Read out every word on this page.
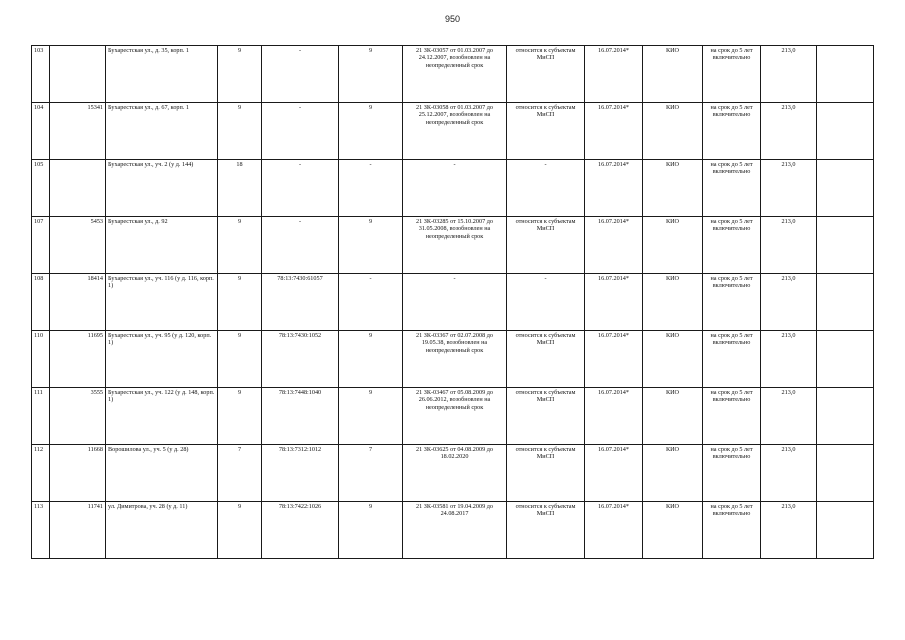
950
103		Бухарестская ул., д. 35, корп. 1	9	-	9	21 ЗК-03057 от 01.03.2007 до 24.12.2007, возобновлен на неопределенный срок	относится к субъектам МиСП	16.07.2014*	КИО	на срок до 5 лет включительно	213,0	
104	15341	Бухарестская ул., д. 67, корп. 1	9	-	9	21 ЗК-03058 от 01.03.2007 до 25.12.2007, возобновлен на неопределенный срок	относится к субъектам МиСП	16.07.2014*	КИО	на срок до 5 лет включительно	213,0	
105		Бухарестская ул., уч. 2 (у д. 144)	18	-	-	-	-	16.07.2014*	КИО	на срок до 5 лет включительно	213,0	
107	5453	Бухарестская ул., д. 92	9	-	9	21 ЗК-03285 от 15.10.2007 до 31.05.2008, возобновлен на неопределенный срок	относится к субъектам МиСП	16.07.2014*	КИО	на срок до 5 лет включительно	213,0	
108	18414	Бухарестская ул., уч. 116 (у д. 116, корп. 1)	9	78:13:7430:61057	-	-	-	16.07.2014*	КИО	на срок до 5 лет включительно	213,0	
110	11695	Бухарестская ул., уч. 95 (у д. 120, корп. 1)	9	78:13:7430:1052	9	21 ЗК-03367 от 02.07.2008 до 19.05.38, возобновлен на неопределенный срок	относится к субъектам МиСП	16.07.2014*	КИО	на срок до 5 лет включительно	213,0	
111	3555	Бухарестская ул., уч. 122 (у д. 148, корп. 1)	9	78:13:7448:1040	9	21 ЗК-03467 от 05.08.2009 до 26.06.2012, возобновлен на неопределенный срок	относится к субъектам МиСП	16.07.2014*	КИО	на срок до 5 лет включительно	213,0	
112	11668	Ворошилова ул., уч. 5 (у д. 28)	7	78:13:7312:1012	7	21 ЗК-03625 от 04.08.2009 до 18.02.2020	относится к субъектам МиСП	16.07.2014*	КИО	на срок до 5 лет включительно	213,0	
113	11741	ул. Димитрова, уч. 28 (у д. 11)	9	78:13:7422:1026	9	21 ЗК-03581 от 19.04.2009 до 24.08.2017	относится к субъектам МиСП	16.07.2014*	КИО	на срок до 5 лет включительно	213,0	
